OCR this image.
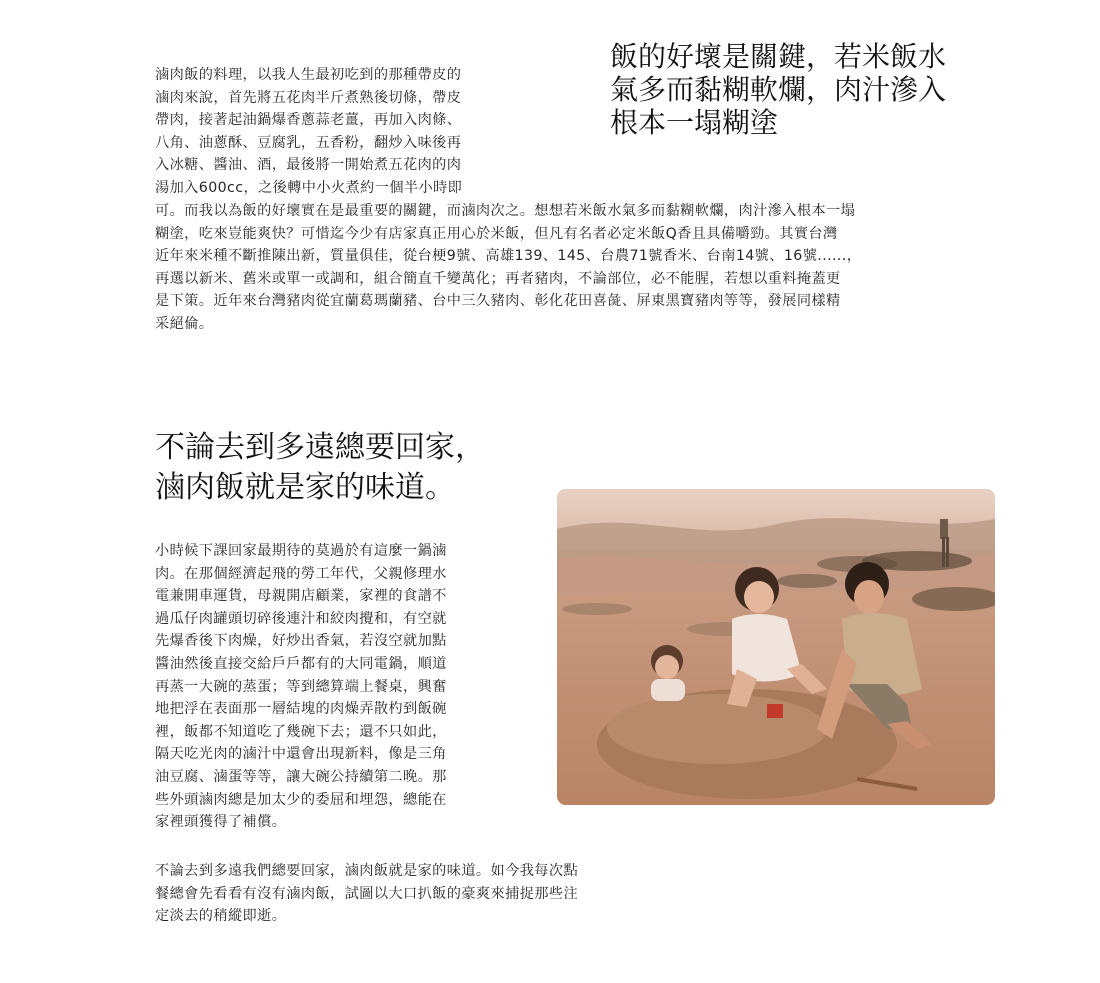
飯的好壞是關鍵，若米飯水
氣多而黏糊軟爛，肉汁滲入
根本一塌糊塗
滷肉飯的料理，以我人生最初吃到的那種帶皮的
滷肉來說，首先將五花肉半斤煮熟後切條，帶皮
帶肉，接著起油鍋爆香蔥蒜老薑，再加入肉條、
八角、油蔥酥、豆腐乳，五香粉，翻炒入味後再
入冰糖、醬油、酒，最後將一開始煮五花肉的肉
湯加入600cc，之後轉中小火煮約一個半小時即
可。而我以為飯的好壞實在是最重要的關鍵，而滷肉次之。想想若米飯水氣多而黏糊軟爛，肉汁滲入根本一塌
糊塗，吃來豈能爽快？可惜迄今少有店家真正用心於米飯，但凡有名者必定米飯Q香且具備嚼勁。其實台灣
近年來米種不斷推陳出新，質量俱佳，從台梗9號、高雄139、145、台農71號香米、台南14號、16號......，
再選以新米、舊米或單一或調和，組合簡直千變萬化；再者豬肉，不論部位，必不能腥，若想以重料掩蓋更
是下策。近年來台灣豬肉從宜蘭葛瑪蘭豬、台中三久豬肉、彰化花田喜彘、屏東黑寶豬肉等等，發展同樣精
采絕倫。
不論去到多遠總要回家，
滷肉飯就是家的味道。
小時候下課回家最期待的莫過於有這麼一鍋滷
肉。在那個經濟起飛的勞工年代，父親修理水
電兼開車運貨，母親開店顧業，家裡的食譜不
過瓜仔肉罐頭切碎後連汁和絞肉攪和，有空就
先爆香後下肉燥，好炒出香氣，若沒空就加點
醬油然後直接交給戶戶都有的大同電鍋，順道
再蒸一大碗的蒸蛋；等到總算端上餐桌，興奮
地把浮在表面那一層結塊的肉燥弄散杓到飯碗
裡，飯都不知道吃了幾碗下去；還不只如此，
隔天吃光肉的滷汁中還會出現新料，像是三角
油豆腐、滷蛋等等，讓大碗公持續第二晚。那
些外頭滷肉總是加太少的委屈和埋怨，總能在
家裡頭獲得了補償。
不論去到多遠我們總要回家，滷肉飯就是家的味道。如今我每次點
餐總會先看看有沒有滷肉飯，試圖以大口扒飯的豪爽來捕捉那些注
定淡去的稍縱即逝。
